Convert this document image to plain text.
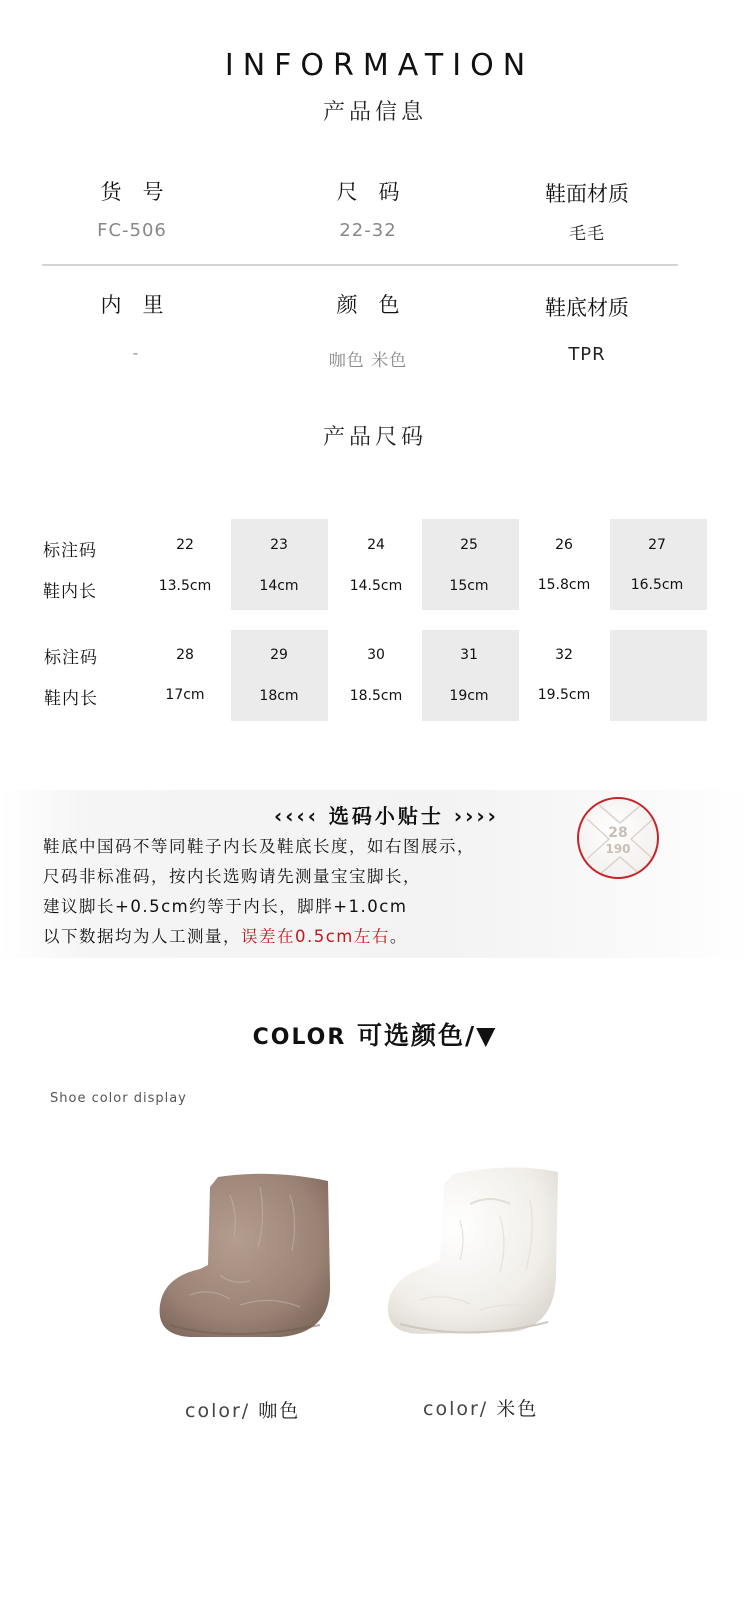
INFORMATION
产品信息
货　号
FC-506
尺　码
22-32
鞋面材质
毛毛
内　里
-
颜　色
咖色 米色
鞋底材质
TPR
产品尺码
标注码
鞋内长
22
13.5cm
23
14cm
24
14.5cm
25
15cm
26
15.8cm
27
16.5cm
标注码
鞋内长
28
17cm
29
18cm
30
18.5cm
31
19cm
32
19.5cm
‹‹‹‹ 选码小贴士 ››››
鞋底中国码不等同鞋子内长及鞋底长度，如右图展示，
尺码非标准码，按内长选购请先测量宝宝脚长，
建议脚长+0.5cm约等于内长，脚胖+1.0cm
以下数据均为人工测量，误差在0.5cm左右。
28
190
COLOR 可选颜色/▼
Shoe color display
color/ 咖色	color/ 米色
